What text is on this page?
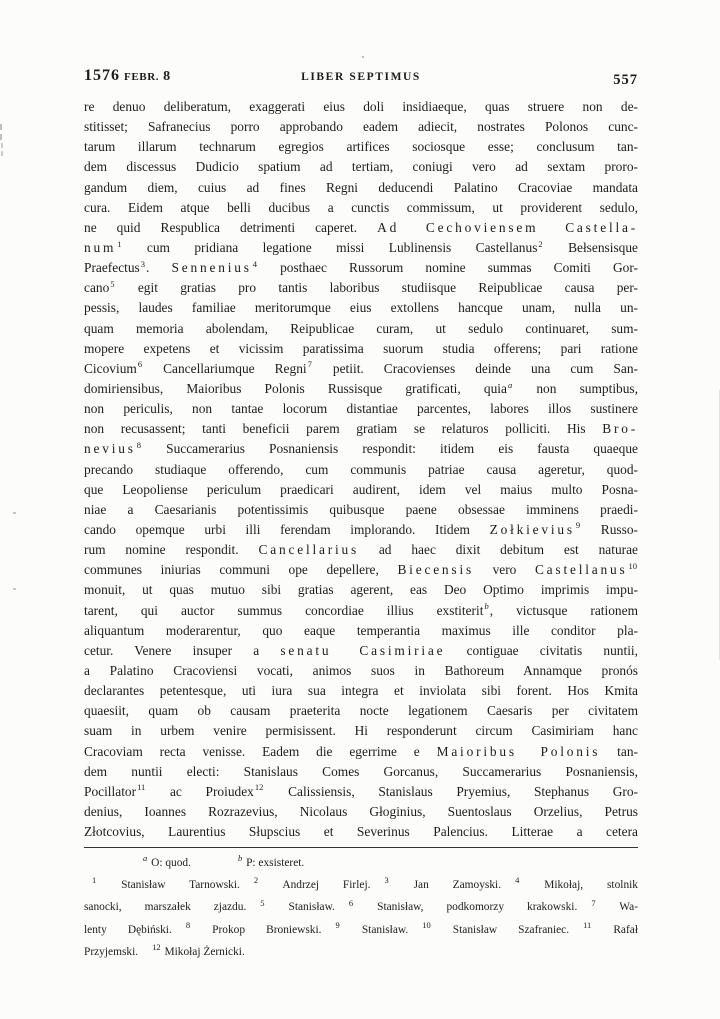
1576 FEBR. 8	LIBER SEPTIMUS	557
re denuo deliberatum, exaggerati eius doli insidiaeque, quas struere non de-
stitisset; Safranecius porro approbando eadem adiecit, nostrates Polonos cunc-
tarum illarum technarum egregios artifices sociosque esse; conclusum tan-
dem discessus Dudicio spatium ad tertiam, coniugi vero ad sextam proro-
gandum diem, cuius ad fines Regni deducendi Palatino Cracoviae mandata
cura. Eidem atque belli ducibus a cunctis commissum, ut providerent sedulo,
ne quid Respublica detrimenti caperet. Ad Cechoviensem Castella-
num$^1$ cum pridiana legatione missi Lublinensis Castellanus$^2$ Bełsensisque
Praefectus$^3$. Sennenius$^4$ posthaec Russorum nomine summas Comiti Gor-
cano$^5$ egit gratias pro tantis laboribus studiisque Reipublicae causa per-
pessis, laudes familiae meritorumque eius extollens hancque unam, nulla un-
quam memoria abolendam, Reipublicae curam, ut sedulo continuaret, sum-
mopere expetens et vicissim paratissima suorum studia offerens; pari ratione
Cicovium$^6$ Cancellariumque Regni$^7$ petiit. Cracovienses deinde una cum San-
domiriensibus, Maioribus Polonis Russisque gratificati, quia$^a$ non sumptibus,
non periculis, non tantae locorum distantiae parcentes, labores illos sustinere
non recusassent; tanti beneficii parem gratiam se relaturos polliciti. His Bro-
nevius$^8$ Succamerarius Posnaniensis respondit: itidem eis fausta quaeque
precando studiaque offerendo, cum communis patriae causa ageretur, quod-
que Leopoliense periculum praedicari audirent, idem vel maius multo Posna-
niae a Caesarianis potentissimis quibusque paene obsessae imminens praedi-
cando opemque urbi illi ferendam implorando. Itidem Zołkievius$^9$ Russo-
rum nomine respondit. Cancellarius ad haec dixit debitum est naturae
communes iniurias communi ope depellere, Biecensis vero Castellanus$^{10}$
monuit, ut quas mutuo sibi gratias agerent, eas Deo Optimo imprimis impu-
tarent, qui auctor summus concordiae illius exstiterit$^b$, victusque rationem
aliquantum moderarentur, quo eaque temperantia maximus ille conditor pla-
cetur. Venere insuper a senatu Casimiriae contiguae civitatis nuntii,
a Palatino Cracoviensi vocati, animos suos in Bathoreum Annamque pronós
declarantes petentesque, uti iura sua integra et inviolata sibi forent. Hos Kmita
quaesiit, quam ob causam praeterita nocte legationem Caesaris per civitatem
suam in urbem venire permisissent. Hi responderunt circum Casimiriam hanc
Cracoviam recta venisse. Eadem die egerrime e Maioribus Polonis tan-
dem nuntii electi: Stanislaus Comes Gorcanus, Succamerarius Posnaniensis,
Pocillator$^{11}$ ac Proiudex$^{12}$ Calissiensis, Stanislaus Pryemius, Stephanus Gro-
denius, Ioannes Rozrazevius, Nicolaus Głoginius, Suentoslaus Orzelius, Petrus
Złotcovius, Laurentius Słupscius et Severinus Palencius. Litterae a cetera
$^a$ O: quod.	$^b$ P: exsisteret.
$^1$ Stanisław Tarnowski. $^2$ Andrzej Firlej. $^3$ Jan Zamoyski. $^4$ Mikołaj, stolnik
sanocki, marszałek zjazdu. $^5$ Stanisław. $^6$ Stanisław, podkomorzy krakowski. $^7$ Wa-
lenty Dębiński. $^8$ Prokop Broniewski. $^9$ Stanisław. $^{10}$ Stanisław Szafraniec. $^{11}$ Rafał
Przyjemski. $^{12}$ Mikołaj Żernicki.
